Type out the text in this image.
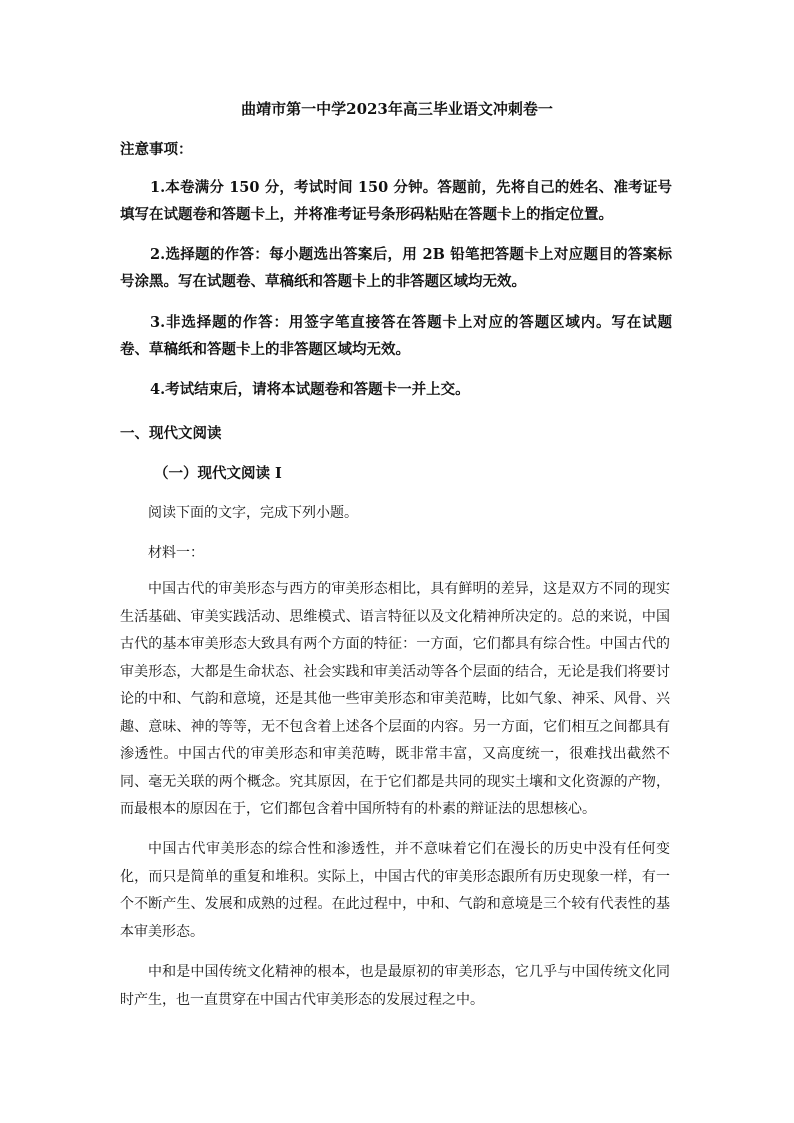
曲靖市第一中学2023年高三毕业语文冲刺卷一
注意事项：

1.本卷满分 150 分，考试时间 150 分钟。答题前，先将自己的姓名、准考证号填写在试题卷和答题卡上，并将准考证号条形码粘贴在答题卡上的指定位置。

2.选择题的作答：每小题选出答案后，用 2B 铅笔把答题卡上对应题目的答案标号涂黑。写在试题卷、草稿纸和答题卡上的非答题区域均无效。

3.非选择题的作答：用签字笔直接答在答题卡上对应的答题区域内。写在试题卷、草稿纸和答题卡上的非答题区域均无效。

4.考试结束后，请将本试题卷和答题卡一并上交。

一、现代文阅读
（一）现代文阅读 I
阅读下面的文字，完成下列小题。
材料一：

中国古代的审美形态与西方的审美形态相比，具有鲜明的差异，这是双方不同的现实生活基础、审美实践活动、思维模式、语言特征以及文化精神所决定的。总的来说，中国古代的基本审美形态大致具有两个方面的特征：一方面，它们都具有综合性。中国古代的审美形态，大都是生命状态、社会实践和审美活动等各个层面的结合，无论是我们将要讨论的中和、气韵和意境，还是其他一些审美形态和审美范畴，比如气象、神采、风骨、兴趣、意味、神的等等，无不包含着上述各个层面的内容。另一方面，它们相互之间都具有渗透性。中国古代的审美形态和审美范畴，既非常丰富，又高度统一，很难找出截然不同、毫无关联的两个概念。究其原因，在于它们都是共同的现实土壤和文化资源的产物，而最根本的原因在于，它们都包含着中国所特有的朴素的辩证法的思想核心。

中国古代审美形态的综合性和渗透性，并不意味着它们在漫长的历史中没有任何变化，而只是简单的重复和堆积。实际上，中国古代的审美形态跟所有历史现象一样，有一个不断产生、发展和成熟的过程。在此过程中，中和、气韵和意境是三个较有代表性的基本审美形态。

中和是中国传统文化精神的根本，也是最原初的审美形态，它几乎与中国传统文化同时产生，也一直贯穿在中国古代审美形态的发展过程之中。
